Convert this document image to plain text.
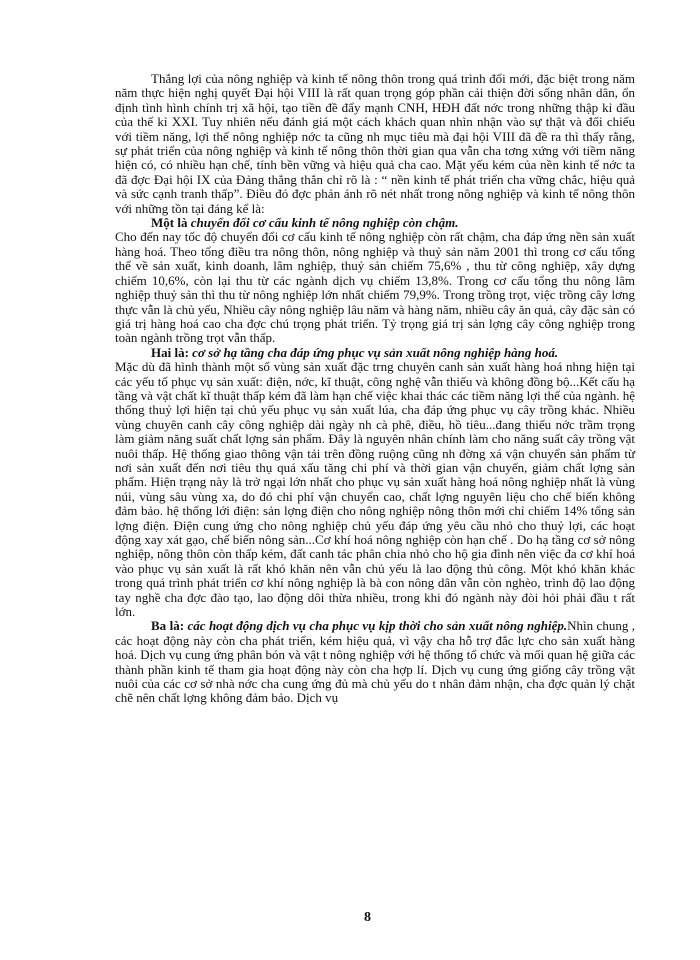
Thắng lợi của nông nghiệp và kinh tế nông thôn trong quá trình đổi mới, đặc biệt trong năm năm thực hiện nghị quyết Đại hội VIII là rất quan trọng góp phần cải thiện đời sống nhân dân, ổn định tình hình chính trị xã hội, tạo tiền đề đẩy mạnh CNH, HĐH đất nớc trong những thập kỉ đầu của thế kỉ XXI. Tuy nhiên nếu đánh giá một cách khách quan nhìn nhận vào sự thật và đối chiếu với tiềm năng, lợi thế nông nghiệp nớc ta cũng nh mục tiêu mà đại hội VIII đã đề ra thì thấy rằng, sự phát triển của nông nghiệp và kinh tế nông thôn thời gian qua vẫn cha tơng xứng với tiềm năng hiện có, có nhiều hạn chế, tính bền vững và hiệu quả cha cao. Mặt yếu kém của nền kinh tế nớc ta đã đợc Đại hội IX của Đảng thẳng thắn chỉ rõ là : “ nền kinh tế phát triển cha vững chắc, hiệu quả và sức cạnh tranh thấp”. Điều đó đợc phản ánh rõ nét nhất trong nông nghiệp và kinh tế nông thôn với những tồn tại đáng kể là:

Một là chuyển đổi cơ cấu kinh tế nông nghiệp còn chậm.

Cho đến nay tốc độ chuyển đổi cơ cấu kinh tế nông nghiệp còn rất chậm, cha đáp ứng nền sản xuất hàng hoá. Theo tổng điều tra nông thôn, nông nghiệp và thuỷ sản năm 2001 thì trong cơ cấu tổng thể về sản xuất, kinh doanh, lâm nghiệp, thuỷ sản chiếm 75,6% , thu từ công nghiệp, xây dựng chiếm 10,6%, còn lại thu từ các ngành dịch vụ chiếm 13,8%. Trong cơ cấu tổng thu nông lâm nghiệp thuỷ sản thì thu từ nông nghiệp lớn nhất chiếm 79,9%. Trong trồng trọt, việc trồng cây lơng thực vẫn là chủ yếu, Nhiều cây nông nghiệp lâu năm và hàng năm, nhiều cây ăn quả, cây đặc sản có giá trị hàng hoá cao cha đợc chú trọng phát triển. Tỷ trọng giá trị sản lợng cây công nghiệp trong toàn ngành trồng trọt vẫn thấp.

Hai là: cơ sở hạ tầng cha đáp ứng phục vụ sản xuất nông nghiệp hàng hoá.

Mặc dù đã hình thành một số vùng sản xuất đặc trng chuyên canh sản xuất hàng hoá nhng hiện tại các yếu tố phục vụ sản xuất: điện, nớc, kĩ thuật, công nghệ vẫn thiếu và không đồng bộ...Kết cấu hạ tầng và vật chất kĩ thuật thấp kém đã làm hạn chế việc khai thác các tiềm năng lợi thế của ngành. hệ thống thuỷ lợi hiện tại chủ yếu phục vụ sản xuất lúa, cha đáp ứng phục vụ cây trồng khác. Nhiều vùng chuyên canh cây công nghiệp dài ngày nh cà phê, điều, hồ tiêu...đang thiếu nớc trầm trọng làm giảm năng suất chất lợng sản phẩm. Đây là nguyên nhân chính làm cho năng suất cây trồng vật nuôi thấp. Hệ thống giao thông vận tải trên đồng ruộng cũng nh đờng xá vận chuyển sản phẩm từ nơi sản xuất đến nơi tiêu thụ quá xấu tăng chi phí và thời gian vận chuyển, giảm chất lợng sản phẩm. Hiện trạng này là trở ngại lớn nhất cho phục vụ sản xuất hàng hoá nông nghiệp nhất là vùng núi, vùng sâu vùng xa, do đó chi phí vận chuyển cao, chất lợng nguyên liệu cho chế biến không đảm bảo. hệ thống lới điện: sản lợng điện cho nông nghiệp nông thôn mới chỉ chiếm 14% tổng sản lợng điện. Điện cung ứng cho nông nghiệp chủ yếu đáp ứng yêu cầu nhỏ cho thuỷ lợi, các hoạt động xay xát gạo, chế biến nông sản...Cơ khí hoá nông nghiệp còn hạn chế . Do hạ tầng cơ sở nông nghiệp, nông thôn còn thấp kém, đất canh tác phân chia nhỏ cho hộ gia đình nên việc đa cơ khí hoá vào phục vụ sản xuất là rất khó khăn nên vẫn chủ yếu là lao động thủ công. Một khó khăn khác trong quá trình phát triển cơ khí nông nghiệp là bà con nông dân vẫn còn nghèo, trình độ lao động tay nghề cha đợc đào tạo, lao động dôi thừa nhiều, trong khi đó ngành này đòi hỏi phải đầu t rất lớn.

Ba là: các hoạt động dịch vụ cha phục vụ kịp thời cho sản xuất nông nghiệp.Nhìn chung , các hoạt động này còn cha phát triển, kém hiệu quả, vì vậy cha hỗ trợ đắc lực cho sản xuất hàng hoá. Dịch vụ cung ứng phân bón và vật t nông nghiệp với hệ thống tổ chức và mối quan hệ giữa các thành phần kinh tế tham gia hoạt động này còn cha hợp lí. Dịch vụ cung ứng giống cây trồng vật nuôi của các cơ sở nhà nớc cha cung ứng đủ mà chủ yếu do t nhân đảm nhận, cha đợc quản lý chặt chẽ nên chất lợng không đảm bảo. Dịch vụ

8
